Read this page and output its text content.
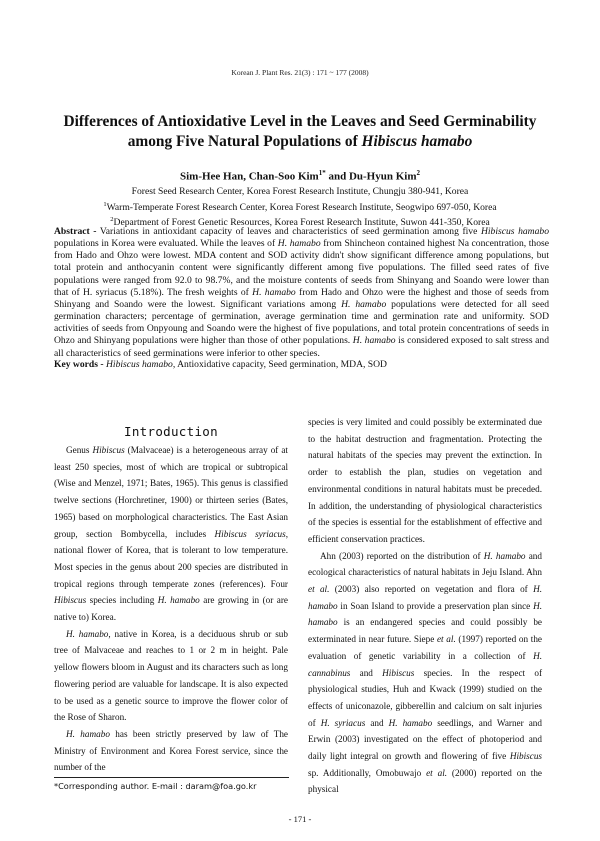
Korean J. Plant Res. 21(3) : 171 ~ 177 (2008)
Differences of Antioxidative Level in the Leaves and Seed Germinability
among Five Natural Populations of Hibiscus hamabo
Sim-Hee Han, Chan-Soo Kim$^{1*}$ and Du-Hyun Kim$^2$
Forest Seed Research Center, Korea Forest Research Institute, Chungju 380-941, Korea
$^1$Warm-Temperate Forest Research Center, Korea Forest Research Institute, Seogwipo 697-050, Korea
$^2$Department of Forest Genetic Resources, Korea Forest Research Institute, Suwon 441-350, Korea
Abstract - Variations in antioxidant capacity of leaves and characteristics of seed germination among five Hibiscus hamabo populations in Korea were evaluated. While the leaves of H. hamabo from Shincheon contained highest Na concentration, those from Hado and Ohzo were lowest. MDA content and SOD activity didn't show significant difference among populations, but total protein and anthocyanin content were significantly different among five populations. The filled seed rates of five populations were ranged from 92.0 to 98.7%, and the moisture contents of seeds from Shinyang and Soando were lower than that of H. syriacus (5.18%). The fresh weights of H. hamabo from Hado and Ohzo were the highest and those of seeds from Shinyang and Soando were the lowest. Significant variations among H. hamabo populations were detected for all seed germination characters; percentage of germination, average germination time and germination rate and uniformity. SOD activities of seeds from Onpyoung and Soando were the highest of five populations, and total protein concentrations of seeds in Ohzo and Shinyang populations were higher than those of other populations. H. hamabo is considered exposed to salt stress and all characteristics of seed germinations were inferior to other species.
Key words - Hibiscus hamabo, Antioxidative capacity, Seed germination, MDA, SOD
Introduction

Genus Hibiscus (Malvaceae) is a heterogeneous array of at least 250 species, most of which are tropical or subtropical (Wise and Menzel, 1971; Bates, 1965). This genus is classified twelve sections (Horchretiner, 1900) or thirteen series (Bates, 1965) based on morphological characteristics. The East Asian group, section Bombycella, includes Hibiscus syriacus, national flower of Korea, that is tolerant to low temperature. Most species in the genus about 200 species are distributed in tropical regions through temperate zones (references). Four Hibiscus species including H. hamabo are growing in (or are native to) Korea.

H. hamabo, native in Korea, is a deciduous shrub or sub tree of Malvaceae and reaches to 1 or 2 m in height. Pale yellow flowers bloom in August and its characters such as long flowering period are valuable for landscape. It is also expected to be used as a genetic source to improve the flower color of the Rose of Sharon.

H. hamabo has been strictly preserved by law of The Ministry of Environment and Korea Forest service, since the number of the

species is very limited and could possibly be exterminated due to the habitat destruction and fragmentation. Protecting the natural habitats of the species may prevent the extinction. In order to establish the plan, studies on vegetation and environmental conditions in natural habitats must be preceded. In addition, the understanding of physiological characteristics of the species is essential for the establishment of effective and efficient conservation practices.

Ahn (2003) reported on the distribution of H. hamabo and ecological characteristics of natural habitats in Jeju Island. Ahn et al. (2003) also reported on vegetation and flora of H. hamabo in Soan Island to provide a preservation plan since H. hamabo is an endangered species and could possibly be exterminated in near future. Siepe et al. (1997) reported on the evaluation of genetic variability in a collection of H. cannabinus and Hibiscus species. In the respect of physiological studies, Huh and Kwack (1999) studied on the effects of uniconazole, gibberellin and calcium on salt injuries of H. syriacus and H. hamabo seedlings, and Warner and Erwin (2003) investigated on the effect of photoperiod and daily light integral on growth and flowering of five Hibiscus sp. Additionally, Omobuwajo et al. (2000) reported on the physical

*Corresponding author. E-mail : daram@foa.go.kr
- 171 -
